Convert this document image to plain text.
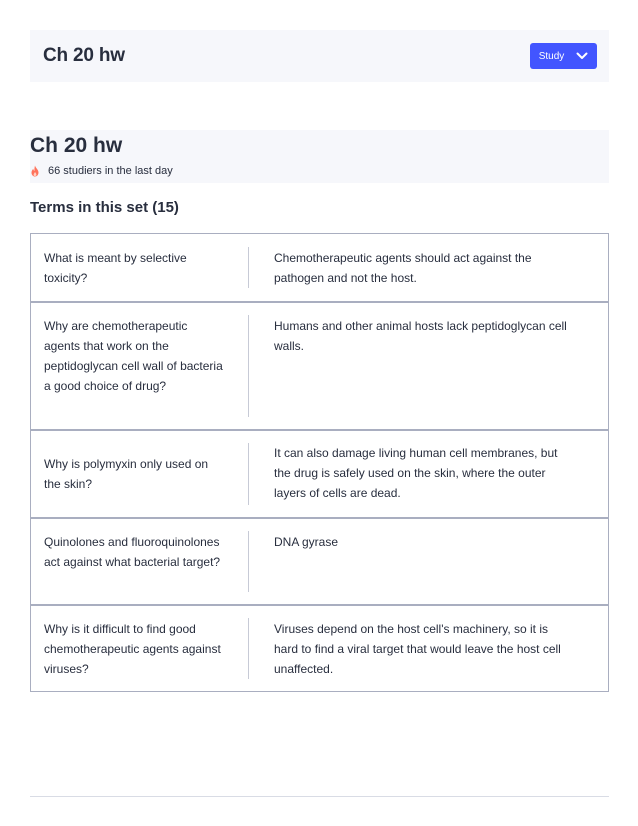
Ch 20 hw	Study
Ch 20 hw
66 studiers in the last day
Terms in this set (15)
What is meant by selective toxicity?
Chemotherapeutic agents should act against the pathogen and not the host.
Why are chemotherapeutic agents that work on the peptidoglycan cell wall of bacteria a good choice of drug?
Humans and other animal hosts lack peptidoglycan cell walls.
Why is polymyxin only used on the skin?
It can also damage living human cell membranes, but the drug is safely used on the skin, where the outer layers of cells are dead.
Quinolones and fluoroquinolones act against what bacterial target?
DNA gyrase
Why is it difficult to find good chemotherapeutic agents against viruses?
Viruses depend on the host cell's machinery, so it is hard to find a viral target that would leave the host cell unaffected.
